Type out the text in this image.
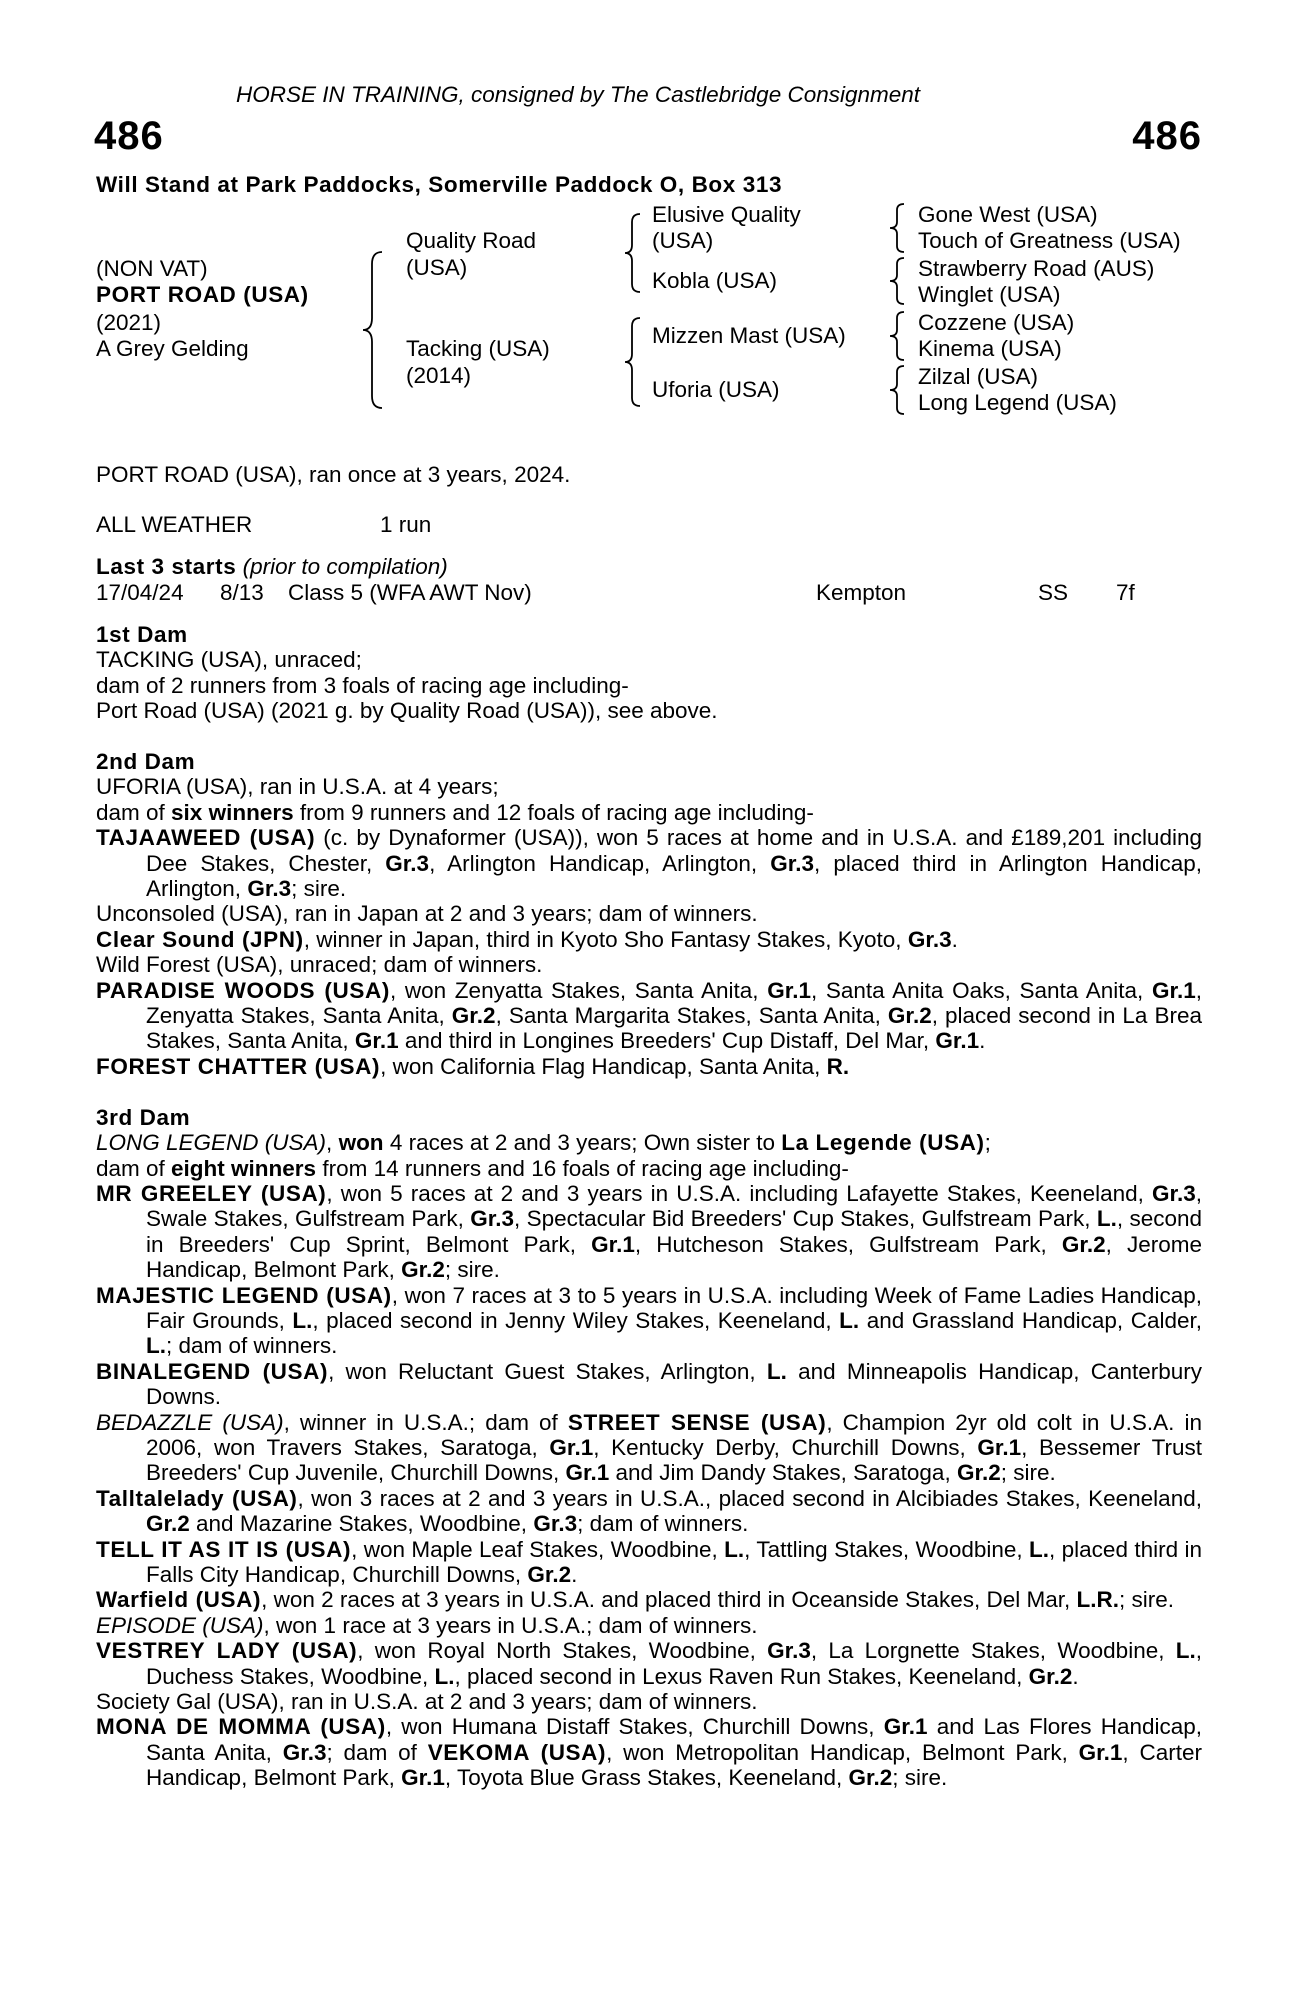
HORSE IN TRAINING, consigned by The Castlebridge Consignment
486	486
Will Stand at Park Paddocks, Somerville Paddock O, Box 313
(NON VAT)
PORT ROAD (USA)
(2021)
A Grey Gelding
Quality Road
(USA)
Tacking (USA)
(2014)
Elusive Quality
(USA)
Kobla (USA)
Mizzen Mast (USA)
Uforia (USA)
Gone West (USA)
Touch of Greatness (USA)
Strawberry Road (AUS)
Winglet (USA)
Cozzene (USA)
Kinema (USA)
Zilzal (USA)
Long Legend (USA)
PORT ROAD (USA), ran once at 3 years, 2024.
ALL WEATHER	1 run
Last 3 starts (prior to compilation)
17/04/24 8/13 Class 5 (WFA AWT Nov)	Kempton	SS 7f

1st Dam

TACKING (USA), unraced;

dam of 2 runners from 3 foals of racing age including-

Port Road (USA) (2021 g. by Quality Road (USA)), see above.

2nd Dam

UFORIA (USA), ran in U.S.A. at 4 years;

dam of six winners from 9 runners and 12 foals of racing age including-

TAJAAWEED (USA) (c. by Dynaformer (USA)), won 5 races at home and in U.S.A. and £189,201 including Dee Stakes, Chester, Gr.3, Arlington Handicap, Arlington, Gr.3, placed third in Arlington Handicap, Arlington, Gr.3; sire.

Unconsoled (USA), ran in Japan at 2 and 3 years; dam of winners.

Clear Sound (JPN), winner in Japan, third in Kyoto Sho Fantasy Stakes, Kyoto, Gr.3.

Wild Forest (USA), unraced; dam of winners.

PARADISE WOODS (USA), won Zenyatta Stakes, Santa Anita, Gr.1, Santa Anita Oaks, Santa Anita, Gr.1, Zenyatta Stakes, Santa Anita, Gr.2, Santa Margarita Stakes, Santa Anita, Gr.2, placed second in La Brea Stakes, Santa Anita, Gr.1 and third in Longines Breeders' Cup Distaff, Del Mar, Gr.1.

FOREST CHATTER (USA), won California Flag Handicap, Santa Anita, R.

3rd Dam

LONG LEGEND (USA), won 4 races at 2 and 3 years; Own sister to La Legende (USA);

dam of eight winners from 14 runners and 16 foals of racing age including-

MR GREELEY (USA), won 5 races at 2 and 3 years in U.S.A. including Lafayette Stakes, Keeneland, Gr.3, Swale Stakes, Gulfstream Park, Gr.3, Spectacular Bid Breeders' Cup Stakes, Gulfstream Park, L., second in Breeders' Cup Sprint, Belmont Park, Gr.1, Hutcheson Stakes, Gulfstream Park, Gr.2, Jerome Handicap, Belmont Park, Gr.2; sire.

MAJESTIC LEGEND (USA), won 7 races at 3 to 5 years in U.S.A. including Week of Fame Ladies Handicap, Fair Grounds, L., placed second in Jenny Wiley Stakes, Keeneland, L. and Grassland Handicap, Calder, L.; dam of winners.

BINALEGEND (USA), won Reluctant Guest Stakes, Arlington, L. and Minneapolis Handicap, Canterbury Downs.

BEDAZZLE (USA), winner in U.S.A.; dam of STREET SENSE (USA), Champion 2yr old colt in U.S.A. in 2006, won Travers Stakes, Saratoga, Gr.1, Kentucky Derby, Churchill Downs, Gr.1, Bessemer Trust Breeders' Cup Juvenile, Churchill Downs, Gr.1 and Jim Dandy Stakes, Saratoga, Gr.2; sire.

Talltalelady (USA), won 3 races at 2 and 3 years in U.S.A., placed second in Alcibiades Stakes, Keeneland, Gr.2 and Mazarine Stakes, Woodbine, Gr.3; dam of winners.

TELL IT AS IT IS (USA), won Maple Leaf Stakes, Woodbine, L., Tattling Stakes, Woodbine, L., placed third in Falls City Handicap, Churchill Downs, Gr.2.

Warfield (USA), won 2 races at 3 years in U.S.A. and placed third in Oceanside Stakes, Del Mar, L.R.; sire.

EPISODE (USA), won 1 race at 3 years in U.S.A.; dam of winners.

VESTREY LADY (USA), won Royal North Stakes, Woodbine, Gr.3, La Lorgnette Stakes, Woodbine, L., Duchess Stakes, Woodbine, L., placed second in Lexus Raven Run Stakes, Keeneland, Gr.2.

Society Gal (USA), ran in U.S.A. at 2 and 3 years; dam of winners.

MONA DE MOMMA (USA), won Humana Distaff Stakes, Churchill Downs, Gr.1 and Las Flores Handicap, Santa Anita, Gr.3; dam of VEKOMA (USA), won Metropolitan Handicap, Belmont Park, Gr.1, Carter Handicap, Belmont Park, Gr.1, Toyota Blue Grass Stakes, Keeneland, Gr.2; sire.
